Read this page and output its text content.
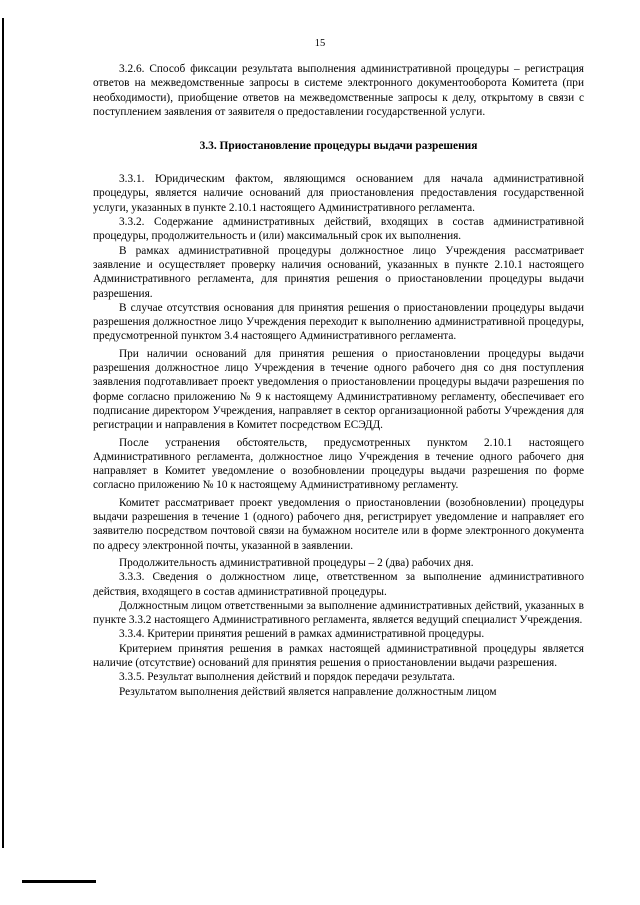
15

3.2.6. Способ фиксации результата выполнения административной процедуры – регистрация ответов на межведомственные запросы в системе электронного документооборота Комитета (при необходимости), приобщение ответов на межведомственные запросы к делу, открытому в связи с поступлением заявления от заявителя о предоставлении государственной услуги.

3.3. Приостановление процедуры выдачи разрешения

3.3.1. Юридическим фактом, являющимся основанием для начала административной процедуры, является наличие оснований для приостановления предоставления государственной услуги, указанных в пункте 2.10.1 настоящего Административного регламента.

3.3.2. Содержание административных действий, входящих в состав административной процедуры, продолжительность и (или) максимальный срок их выполнения.

В рамках административной процедуры должностное лицо Учреждения рассматривает заявление и осуществляет проверку наличия оснований, указанных в пункте 2.10.1 настоящего Административного регламента, для принятия решения о приостановлении процедуры выдачи разрешения.

В случае отсутствия основания для принятия решения о приостановлении процедуры выдачи разрешения должностное лицо Учреждения переходит к выполнению административной процедуры, предусмотренной пунктом 3.4 настоящего Административного регламента.

При наличии оснований для принятия решения о приостановлении процедуры выдачи разрешения должностное лицо Учреждения в течение одного рабочего дня со дня поступления заявления подготавливает проект уведомления о приостановлении процедуры выдачи разрешения по форме согласно приложению № 9 к настоящему Административному регламенту, обеспечивает его подписание директором Учреждения, направляет в сектор организационной работы Учреждения для регистрации и направления в Комитет посредством ЕСЭДД.

После устранения обстоятельств, предусмотренных пунктом 2.10.1 настоящего Административного регламента, должностное лицо Учреждения в течение одного рабочего дня направляет в Комитет уведомление о возобновлении процедуры выдачи разрешения по форме согласно приложению № 10 к настоящему Административному регламенту.

Комитет рассматривает проект уведомления о приостановлении (возобновлении) процедуры выдачи разрешения в течение 1 (одного) рабочего дня, регистрирует уведомление и направляет его заявителю посредством почтовой связи на бумажном носителе или в форме электронного документа по адресу электронной почты, указанной в заявлении.

Продолжительность административной процедуры – 2 (два) рабочих дня.

3.3.3. Сведения о должностном лице, ответственном за выполнение административного действия, входящего в состав административной процедуры.

Должностным лицом ответственными за выполнение административных действий, указанных в пункте 3.3.2 настоящего Административного регламента, является ведущий специалист Учреждения.

3.3.4. Критерии принятия решений в рамках административной процедуры.

Критерием принятия решения в рамках настоящей административной процедуры является наличие (отсутствие) оснований для принятия решения о приостановлении выдачи разрешения.

3.3.5. Результат выполнения действий и порядок передачи результата.

Результатом выполнения действий является направление должностным лицом
